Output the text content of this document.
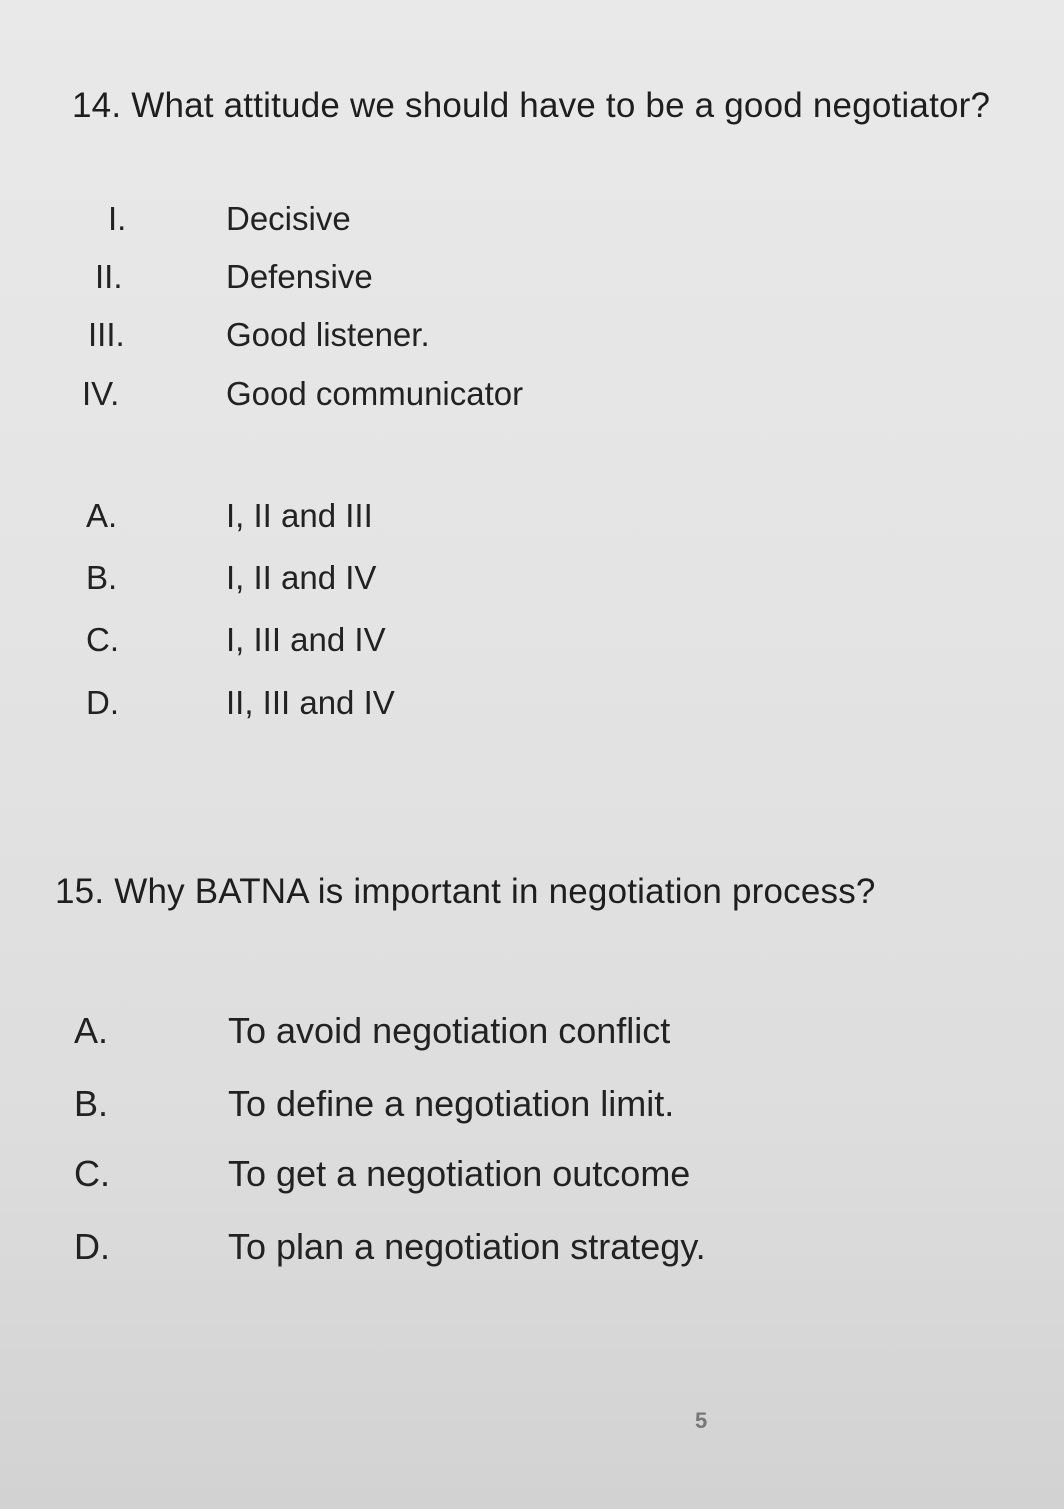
14. What attitude we should have to be a good negotiator?
I.	Decisive
II.	Defensive
III.	Good listener.
IV.	Good communicator
A.	I, II and III
B.	I, II and IV
C.	I, III and IV
D.	II, III and IV
15. Why BATNA is important in negotiation process?
A.	To avoid negotiation conflict
B.	To define a negotiation limit.
C.	To get a negotiation outcome
D.	To plan a negotiation strategy.
5
